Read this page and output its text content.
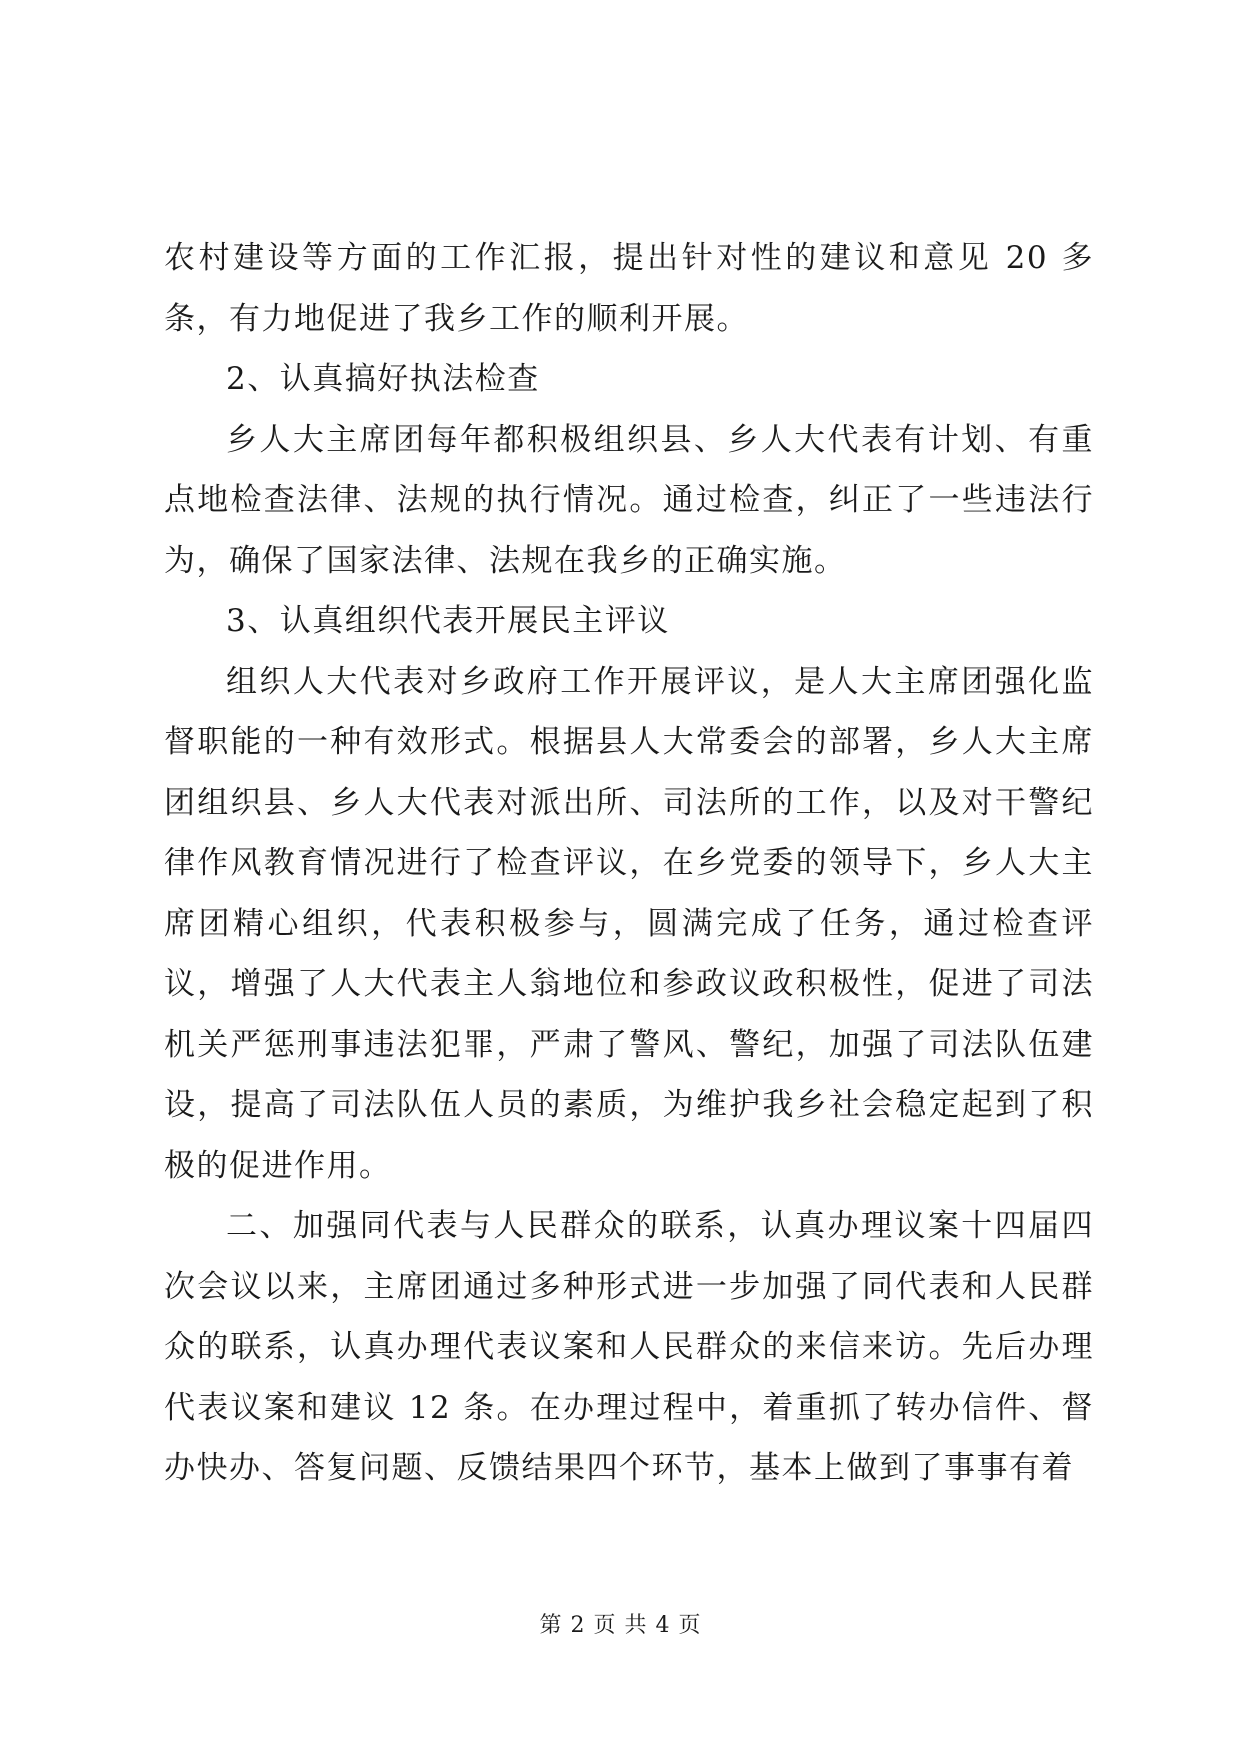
农村建设等方面的工作汇报，提出针对性的建议和意见 20 多条，有力地促进了我乡工作的顺利开展。

2、认真搞好执法检查

乡人大主席团每年都积极组织县、乡人大代表有计划、有重点地检查法律、法规的执行情况。通过检查，纠正了一些违法行为，确保了国家法律、法规在我乡的正确实施。

3、认真组织代表开展民主评议

组织人大代表对乡政府工作开展评议，是人大主席团强化监督职能的一种有效形式。根据县人大常委会的部署，乡人大主席团组织县、乡人大代表对派出所、司法所的工作，以及对干警纪律作风教育情况进行了检查评议，在乡党委的领导下，乡人大主席团精心组织，代表积极参与，圆满完成了任务，通过检查评议，增强了人大代表主人翁地位和参政议政积极性，促进了司法机关严惩刑事违法犯罪，严肃了警风、警纪，加强了司法队伍建设，提高了司法队伍人员的素质，为维护我乡社会稳定起到了积极的促进作用。

二、加强同代表与人民群众的联系，认真办理议案十四届四次会议以来，主席团通过多种形式进一步加强了同代表和人民群众的联系，认真办理代表议案和人民群众的来信来访。先后办理代表议案和建议 12 条。在办理过程中，着重抓了转办信件、督办快办、答复问题、反馈结果四个环节，基本上做到了事事有着

第 2 页 共 4 页
